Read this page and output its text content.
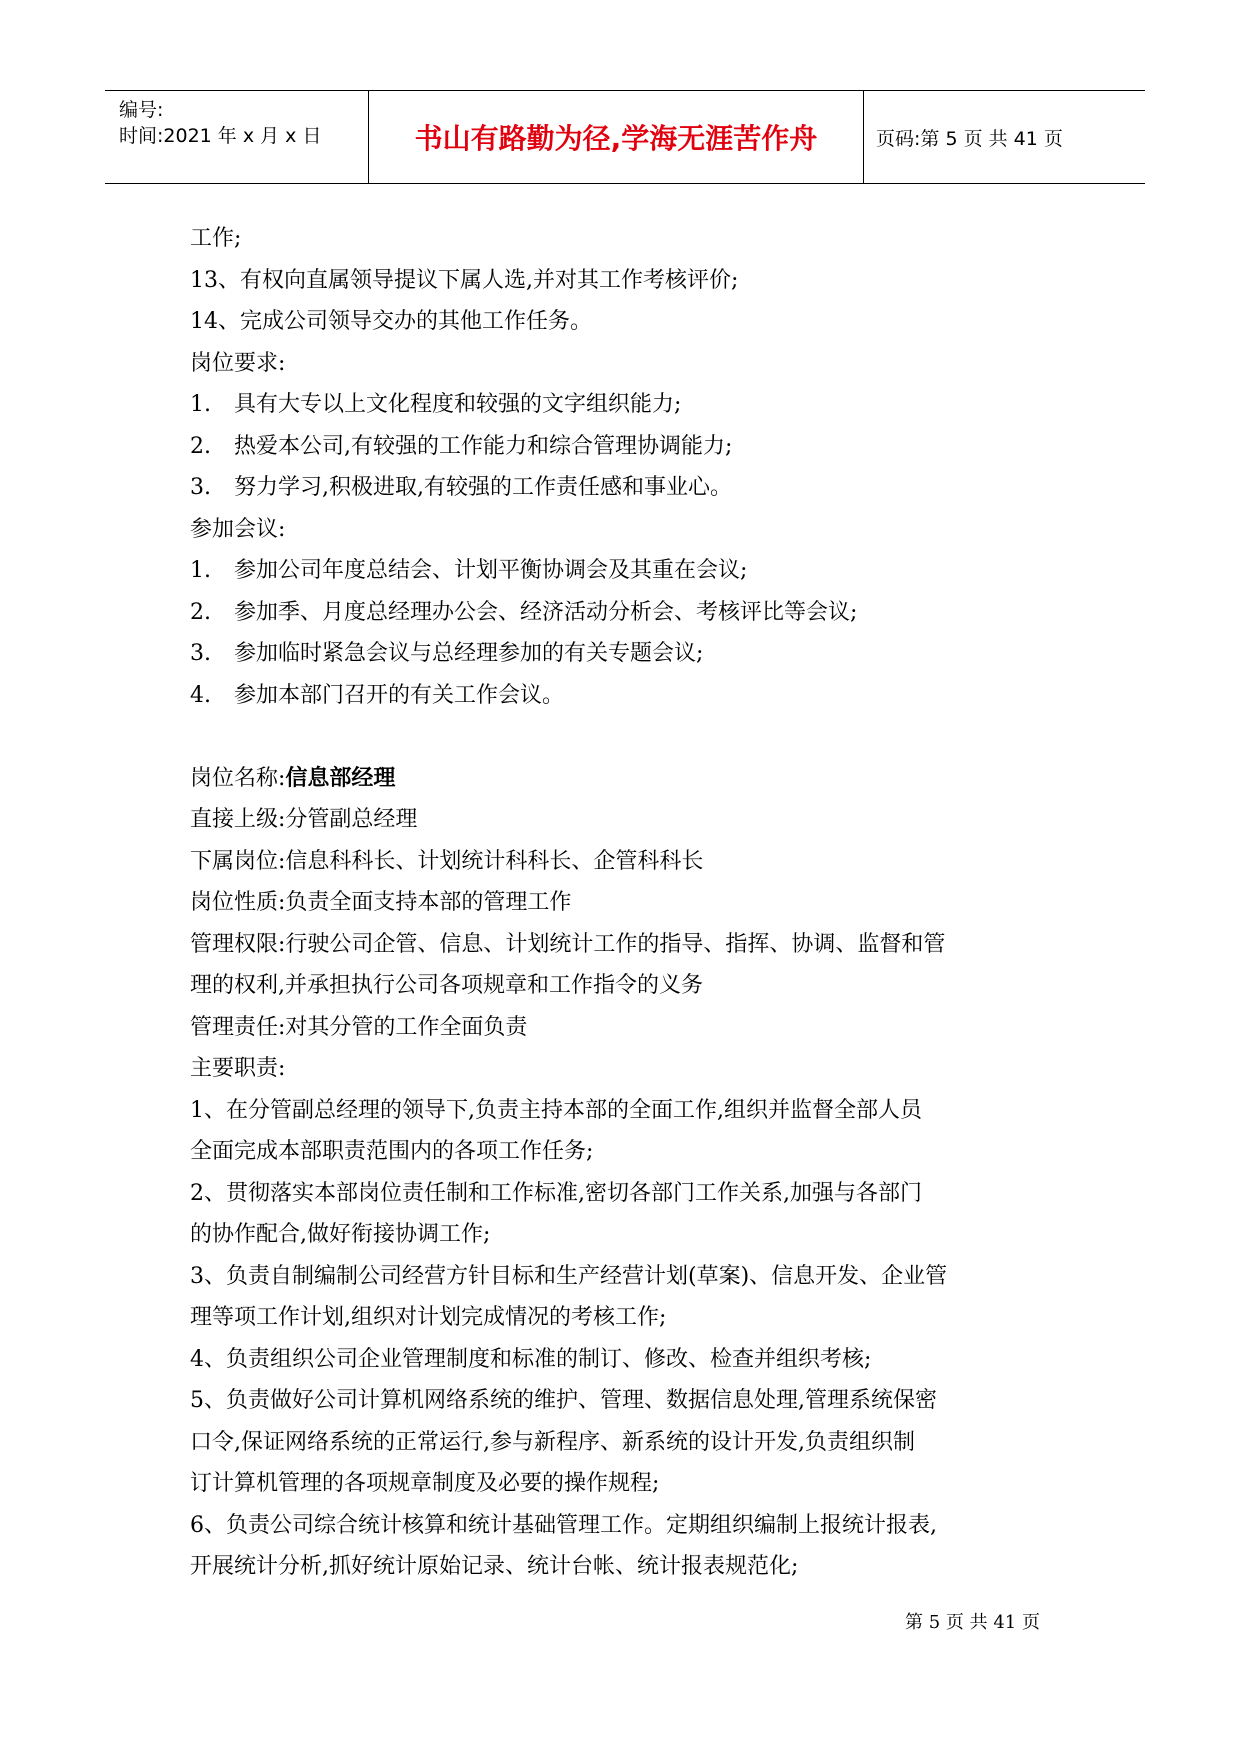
编号:
时间:2021 年 x 月 x 日	书山有路勤为径,学海无涯苦作舟	页码:第 5 页 共 41 页
工作;
13、有权向直属领导提议下属人选,并对其工作考核评价;
14、完成公司领导交办的其他工作任务。
岗位要求:
1. 具有大专以上文化程度和较强的文字组织能力;
2. 热爱本公司,有较强的工作能力和综合管理协调能力;
3. 努力学习,积极进取,有较强的工作责任感和事业心。
参加会议:
1. 参加公司年度总结会、计划平衡协调会及其重在会议;
2. 参加季、月度总经理办公会、经济活动分析会、考核评比等会议;
3. 参加临时紧急会议与总经理参加的有关专题会议;
4. 参加本部门召开的有关工作会议。
岗位名称:信息部经理
直接上级:分管副总经理
下属岗位:信息科科长、计划统计科科长、企管科科长
岗位性质:负责全面支持本部的管理工作
管理权限:行驶公司企管、信息、计划统计工作的指导、指挥、协调、监督和管
理的权利,并承担执行公司各项规章和工作指令的义务
管理责任:对其分管的工作全面负责
主要职责:
1、在分管副总经理的领导下,负责主持本部的全面工作,组织并监督全部人员
全面完成本部职责范围内的各项工作任务;
2、贯彻落实本部岗位责任制和工作标准,密切各部门工作关系,加强与各部门
的协作配合,做好衔接协调工作;
3、负责自制编制公司经营方针目标和生产经营计划(草案)、信息开发、企业管
理等项工作计划,组织对计划完成情况的考核工作;
4、负责组织公司企业管理制度和标准的制订、修改、检查并组织考核;
5、负责做好公司计算机网络系统的维护、管理、数据信息处理,管理系统保密
口令,保证网络系统的正常运行,参与新程序、新系统的设计开发,负责组织制
订计算机管理的各项规章制度及必要的操作规程;
6、负责公司综合统计核算和统计基础管理工作。定期组织编制上报统计报表,
开展统计分析,抓好统计原始记录、统计台帐、统计报表规范化;
第 5 页 共 41 页
